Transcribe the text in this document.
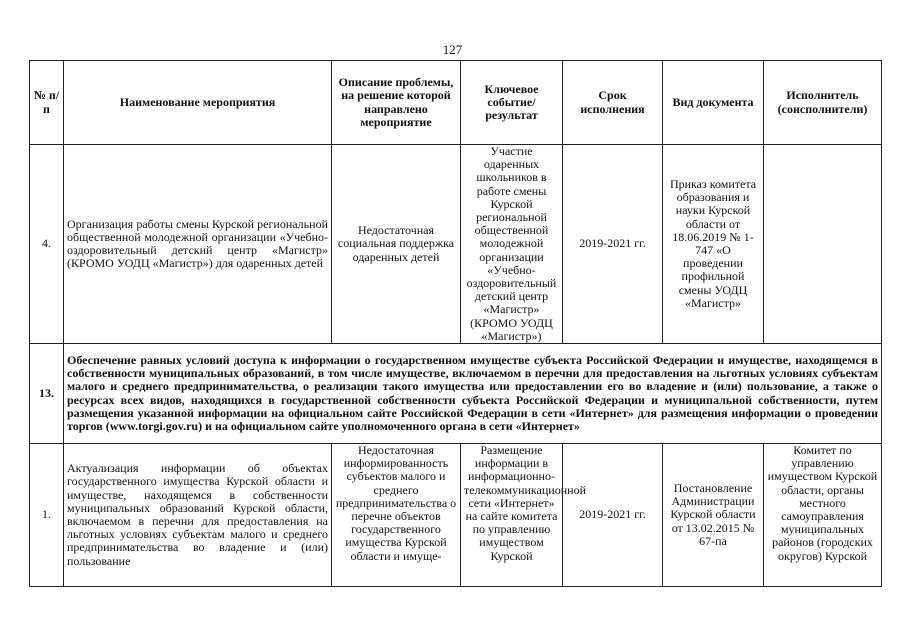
127
№ п/п	Наименование мероприятия	Описание проблемы, на решение которой направлено мероприятие	Ключевое событие/ результат	Срок исполнения	Вид документа	Исполнитель (соисполнители)
4.	Организация работы смены Курской региональной общественной молодежной организации «Учебно-оздоровительный детский центр «Магистр» (КРОМО УОДЦ «Магистр») для одаренных детей	Недостаточная социальная поддержка одаренных детей	Участие одаренных школьников в работе смены Курской региональной общественной молодежной организации «Учебно-оздоровительный детский центр «Магистр» (КРОМО УОДЦ «Магистр»)	2019-2021 гг.	Приказ комитета образования и науки Курской области от 18.06.2019 № 1-747 «О проведении профильной смены УОДЦ «Магистр»	
13.	Обеспечение равных условий доступа к информации о государственном имуществе субъекта Российской Федерации и имуществе, находящемся в собственности муниципальных образований, в том числе имуществе, включаемом в перечни для предоставления на льготных условиях субъектам малого и среднего предпринимательства, о реализации такого имущества или предоставлении его во владение и (или) пользование, а также о ресурсах всех видов, находящихся в государственной собственности субъекта Российской Федерации и муниципальной собственности, путем размещения указанной информации на официальном сайте Российской Федерации в сети «Интернет» для размещения информации о проведении торгов (www.torgi.gov.ru) и на официальном сайте уполномоченного органа в сети «Интернет»					
1.	Актуализация информации об объектах государственного имущества Курской области и имуществе, находящемся в собственности муниципальных образований Курской области, включаемом в перечни для предоставления на льготных условиях субъектам малого и среднего предпринимательства во владение и (или) пользование	Недостаточная информированность субъектов малого и среднего предпринимательства о перечне объектов государственного имущества Курской области и имуще-	Размещение информации в информационно-телекоммуникационной сети «Интернет» на сайте комитета по управлению имуществом Курской	2019-2021 гг.	Постановление Администрации Курской области от 13.02.2015 № 67-па	Комитет по управлению имуществом Курской области, органы местного самоуправления муниципальных районов (городских округов) Курской
